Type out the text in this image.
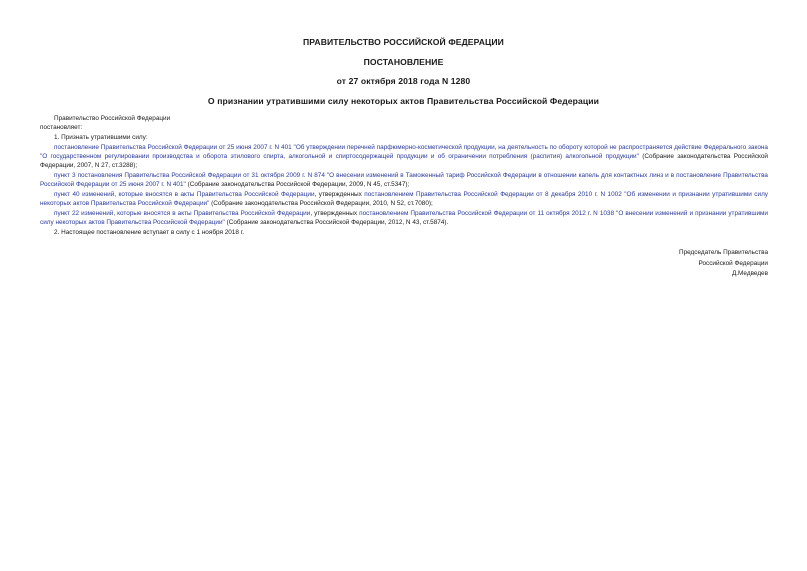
ПРАВИТЕЛЬСТВО РОССИЙСКОЙ ФЕДЕРАЦИИ
ПОСТАНОВЛЕНИЕ
от 27 октября 2018 года N 1280
О признании утратившими силу некоторых актов Правительства Российской Федерации

Правительство Российской Федерации

постановляет:

1. Признать утратившими силу:

постановление Правительства Российской Федерации от 25 июня 2007 г. N 401 "Об утверждении перечней парфюмерно-косметической продукции, на деятельность по обороту которой не распространяется действие Федерального закона "О государственном регулировании производства и оборота этилового спирта, алкогольной и спиртосодержащей продукции и об ограничении потребления (распития) алкогольной продукции" (Собрание законодательства Российской Федерации, 2007, N 27, ст.3288);

пункт 3 постановления Правительства Российской Федерации от 31 октября 2009 г. N 874 "О внесении изменений в Таможенный тариф Российской Федерации в отношении капель для контактных линз и в постановление Правительства Российской Федерации от 25 июня 2007 г. N 401" (Собрание законодательства Российской Федерации, 2009, N 45, ст.5347);

пункт 40 изменений, которые вносятся в акты Правительства Российской Федерации, утвержденных постановлением Правительства Российской Федерации от 8 декабря 2010 г. N 1002 "Об изменении и признании утратившими силу некоторых актов Правительства Российской Федерации" (Собрание законодательства Российской Федерации, 2010, N 52, ст.7080);

пункт 22 изменений, которые вносятся в акты Правительства Российской Федерации, утвержденных постановлением Правительства Российской Федерации от 11 октября 2012 г. N 1038 "О внесении изменений и признании утратившими силу некоторых актов Правительства Российской Федерации" (Собрание законодательства Российской Федерации, 2012, N 43, ст.5874).

2. Настоящее постановление вступает в силу с 1 ноября 2018 г.

Председатель Правительства
Российской Федерации
Д.Медведев
